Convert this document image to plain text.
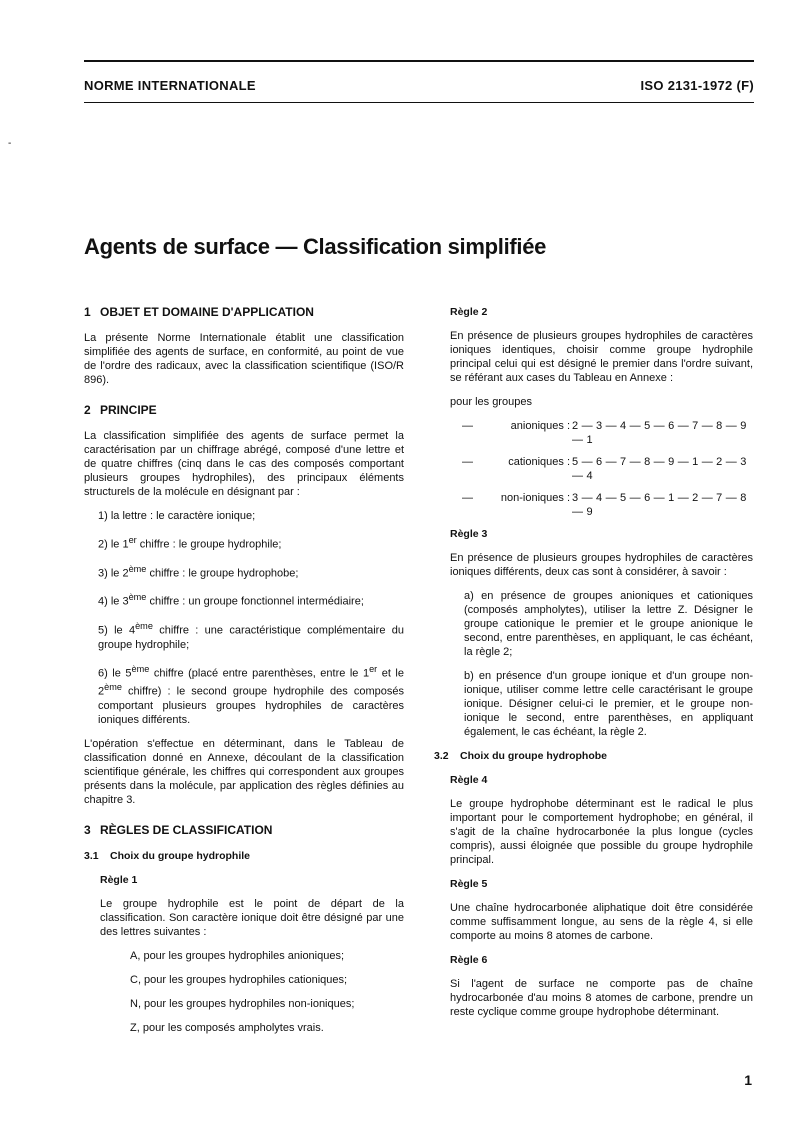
NORME INTERNATIONALE	ISO 2131-1972 (F)
-
Agents de surface — Classification simplifiée
1 OBJET ET DOMAINE D'APPLICATION

La présente Norme Internationale établit une classification simplifiée des agents de surface, en conformité, au point de vue de l'ordre des radicaux, avec la classification scientifique (ISO/R 896).

2 PRINCIPE

La classification simplifiée des agents de surface permet la caractérisation par un chiffrage abrégé, composé d'une lettre et de quatre chiffres (cinq dans le cas des composés comportant plusieurs groupes hydrophiles), des principaux éléments structurels de la molécule en désignant par :

1) la lettre : le caractère ionique;
2) le 1er chiffre : le groupe hydrophile;
3) le 2ème chiffre : le groupe hydrophobe;
4) le 3ème chiffre : un groupe fonctionnel intermédiaire;
5) le 4ème chiffre : une caractéristique complémentaire du groupe hydrophile;
6) le 5ème chiffre (placé entre parenthèses, entre le 1er et le 2ème chiffre) : le second groupe hydrophile des composés comportant plusieurs groupes hydrophiles de caractères ioniques différents.

L'opération s'effectue en déterminant, dans le Tableau de classification donné en Annexe, découlant de la classification scientifique générale, les chiffres qui correspondent aux groupes présents dans la molécule, par application des règles définies au chapitre 3.

3 RÈGLES DE CLASSIFICATION
3.1 Choix du groupe hydrophile
Règle 1

Le groupe hydrophile est le point de départ de la classification. Son caractère ionique doit être désigné par une des lettres suivantes :

A, pour les groupes hydrophiles anioniques;
C, pour les groupes hydrophiles cationiques;
N, pour les groupes hydrophiles non-ioniques;
Z, pour les composés ampholytes vrais.
Règle 2

En présence de plusieurs groupes hydrophiles de caractères ioniques identiques, choisir comme groupe hydrophile principal celui qui est désigné le premier dans l'ordre suivant, se référant aux cases du Tableau en Annexe :

pour les groupes

—	anioniques : 2 — 3 — 4 — 5 — 6 — 7 — 8 — 9 — 1
—	cationiques : 5 — 6 — 7 — 8 — 9 — 1 — 2 — 3 — 4
—	non-ioniques : 3 — 4 — 5 — 6 — 1 — 2 — 7 — 8 — 9
Règle 3

En présence de plusieurs groupes hydrophiles de caractères ioniques différents, deux cas sont à considérer, à savoir :

a) en présence de groupes anioniques et cationiques (composés ampholytes), utiliser la lettre Z. Désigner le groupe cationique le premier et le groupe anionique le second, entre parenthèses, en appliquant, le cas échéant, la règle 2;
b) en présence d'un groupe ionique et d'un groupe non-ionique, utiliser comme lettre celle caractérisant le groupe ionique. Désigner celui-ci le premier, et le groupe non-ionique le second, entre parenthèses, en appliquant également, le cas échéant, la règle 2.
3.2 Choix du groupe hydrophobe
Règle 4

Le groupe hydrophobe déterminant est le radical le plus important pour le comportement hydrophobe; en général, il s'agit de la chaîne hydrocarbonée la plus longue (cycles compris), aussi éloignée que possible du groupe hydrophile principal.

Règle 5

Une chaîne hydrocarbonée aliphatique doit être considérée comme suffisamment longue, au sens de la règle 4, si elle comporte au moins 8 atomes de carbone.

Règle 6

Si l'agent de surface ne comporte pas de chaîne hydrocarbonée d'au moins 8 atomes de carbone, prendre un reste cyclique comme groupe hydrophobe déterminant.

1
